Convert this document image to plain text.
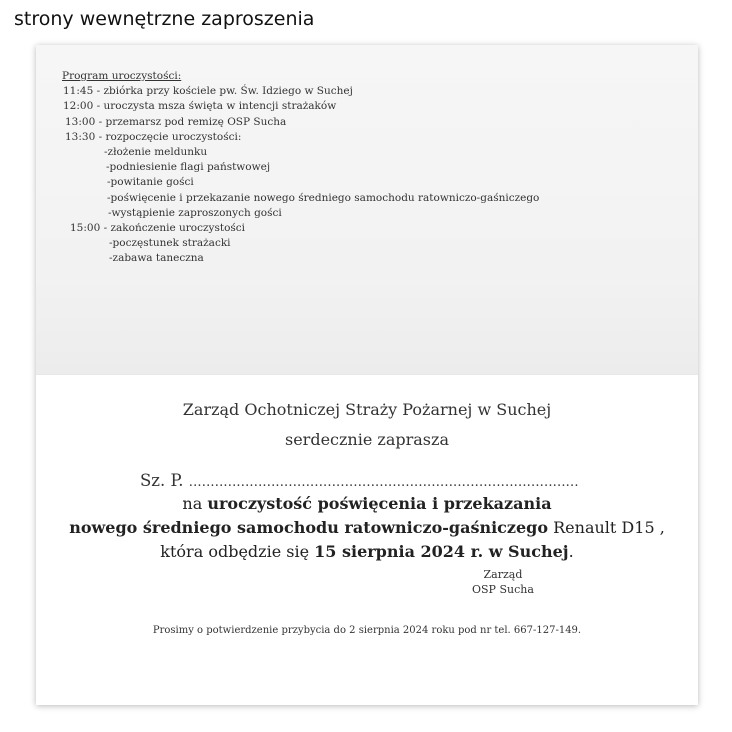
strony wewnętrzne zaproszenia
Program uroczystości:
11:45 - zbiórka przy kościele pw. Św. Idziego w Suchej
12:00 - uroczysta msza święta w intencji strażaków
13:00 - przemarsz pod remizę OSP Sucha
13:30 - rozpoczęcie uroczystości:
-złożenie meldunku
-podniesienie flagi państwowej
-powitanie gości
-poświęcenie i przekazanie nowego średniego samochodu ratowniczo-gaśniczego
-wystąpienie zaproszonych gości
15:00 - zakończenie uroczystości
-poczęstunek strażacki
-zabawa taneczna
Zarząd Ochotniczej Straży Pożarnej w Suchej
serdecznie zaprasza
Sz. P. ..........................................................................................
na uroczystość poświęcenia i przekazania
nowego średniego samochodu ratowniczo-gaśniczego Renault D15 ,
która odbędzie się 15 sierpnia 2024 r. w Suchej.
Zarząd
OSP Sucha
Prosimy o potwierdzenie przybycia do 2 sierpnia 2024 roku pod nr tel. 667-127-149.
